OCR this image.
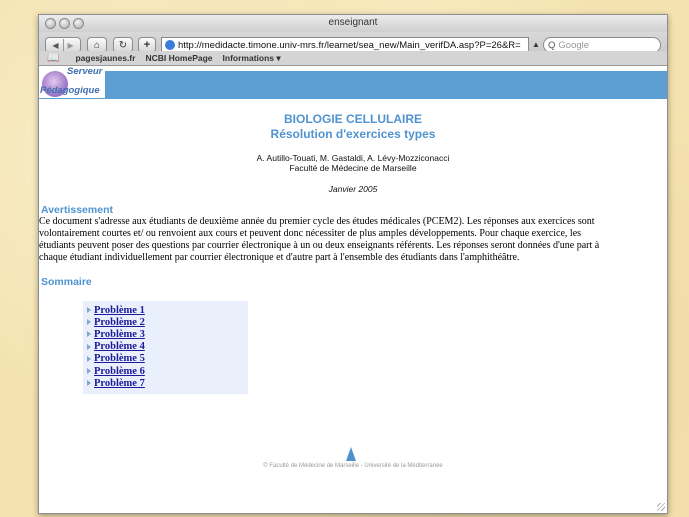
enseignant
◀ ▶ ⌂ ↻ +	http://medidacte.timone.univ-mrs.fr/learnet/sea_new/Main_verifDA.asp?P=26&R= ▲ Q Google
📖 pagesjaunes.fr NCBI HomePage Informations ▾
Serveur
Pédagogique
BIOLOGIE CELLULAIRE
Résolution d'exercices types
A. Autillo-Touati, M. Gastaldi, A. Lévy-Mozziconacci
Faculté de Médecine de Marseille
Janvier 2005
Avertissement
Ce document s'adresse aux étudiants de deuxième année du premier cycle des études médicales (PCEM2). Les réponses aux exercices sont
volontairement courtes et/ ou renvoient aux cours et peuvent donc nécessiter de plus amples développements. Pour chaque exercice, les
étudiants peuvent poser des questions par courrier électronique à un ou deux enseignants référents. Les réponses seront données d'une part à
chaque étudiant individuellement par courrier électronique et d'autre part à l'ensemble des étudiants dans l'amphithéâtre.
Sommaire
Problème 1
Problème 2
Problème 3
Problème 4
Problème 5
Problème 6
Problème 7
© Faculté de Médecine de Marseille - Université de la Méditerranée
